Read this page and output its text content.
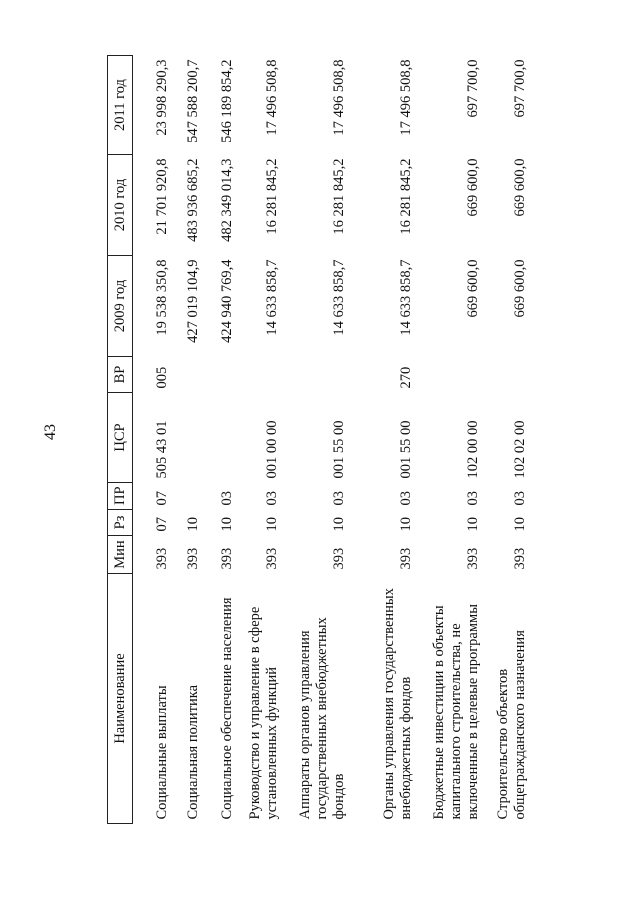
43
Наименование	Мин	Рз	ПР	ЦСР	ВР	2009 год	2010 год	2011 год

Социальные выплаты	393	07	07	505 43 01	005	19 538 350,8	21 701 920,8	23 998 290,3
Социальная политика	393	10				427 019 104,9	483 936 685,2	547 588 200,7
Социальное обеспечение населения	393	10	03			424 940 769,4	482 349 014,3	546 189 854,2
Руководство и управление в сфере установленных функций	393	10	03	001 00 00		14 633 858,7	16 281 845,2	17 496 508,8
Аппараты органов управления государственных внебюджетных фондов	393	10	03	001 55 00		14 633 858,7	16 281 845,2	17 496 508,8
Органы управления государственных внебюджетных фондов	393	10	03	001 55 00	270	14 633 858,7	16 281 845,2	17 496 508,8
Бюджетные инвестиции в объекты капитального строительства, не включенные в целевые программы	393	10	03	102 00 00		669 600,0	669 600,0	697 700,0
Строительство объектов общегражданского назначения	393	10	03	102 02 00		669 600,0	669 600,0	697 700,0
